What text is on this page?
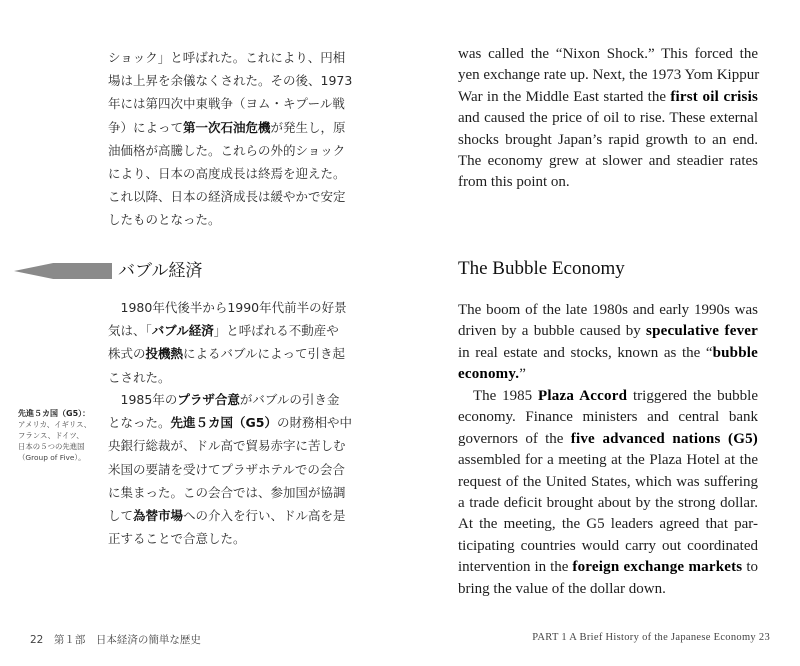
ショック」と呼ばれた。これにより、円相
場は上昇を余儀なくされた。その後、1973
年には第四次中東戦争（ヨム・キプール戦
争）によって第一次石油危機が発生し，原
油価格が高騰した。これらの外的ショック
により、日本の高度成長は終焉を迎えた。
これ以降、日本の経済成長は緩やかで安定
したものとなった。

バブル経済

　1980年代後半から1990年代前半の好景
気は、「バブル経済」と呼ばれる不動産や
株式の投機熱によるバブルによって引き起
こされた。

　1985年のプラザ合意がバブルの引き金
となった。先進５カ国（G5）の財務相や中
央銀行総裁が、ドル高で貿易赤字に苦しむ
米国の要請を受けてプラザホテルでの会合
に集まった。この会合では、参加国が協調
して為替市場への介入を行い、ドル高を是
正することで合意した。

先進５カ国（G5）：
アメリカ、イギリス、
フランス、ドイツ、
日本の５つの先進国
（Group of Five）。
22　第１部　日本経済の簡単な歴史

was called the “Nixon Shock.” This forced the
yen exchange rate up. Next, the 1973 Yom Kippur
War in the Middle East started the first oil crisis
and caused the price of oil to rise. These external
shocks brought Japan’s rapid growth to an end.
The economy grew at slower and steadier rates
from this point on.

The Bubble Economy

The boom of the late 1980s and early 1990s was
driven by a bubble caused by speculative fever
in real estate and stocks, known as the “bubble
economy.”

 The 1985 Plaza Accord triggered the bubble
economy. Finance ministers and central bank
governors of the five advanced nations (G5)
assembled for a meeting at the Plaza Hotel at the
request of the United States, which was suffering
a trade deficit brought about by the strong dollar.
At the meeting, the G5 leaders agreed that par-
ticipating countries would carry out coordinated
intervention in the foreign exchange markets to
bring the value of the dollar down.

PART 1 A Brief History of the Japanese Economy 23
